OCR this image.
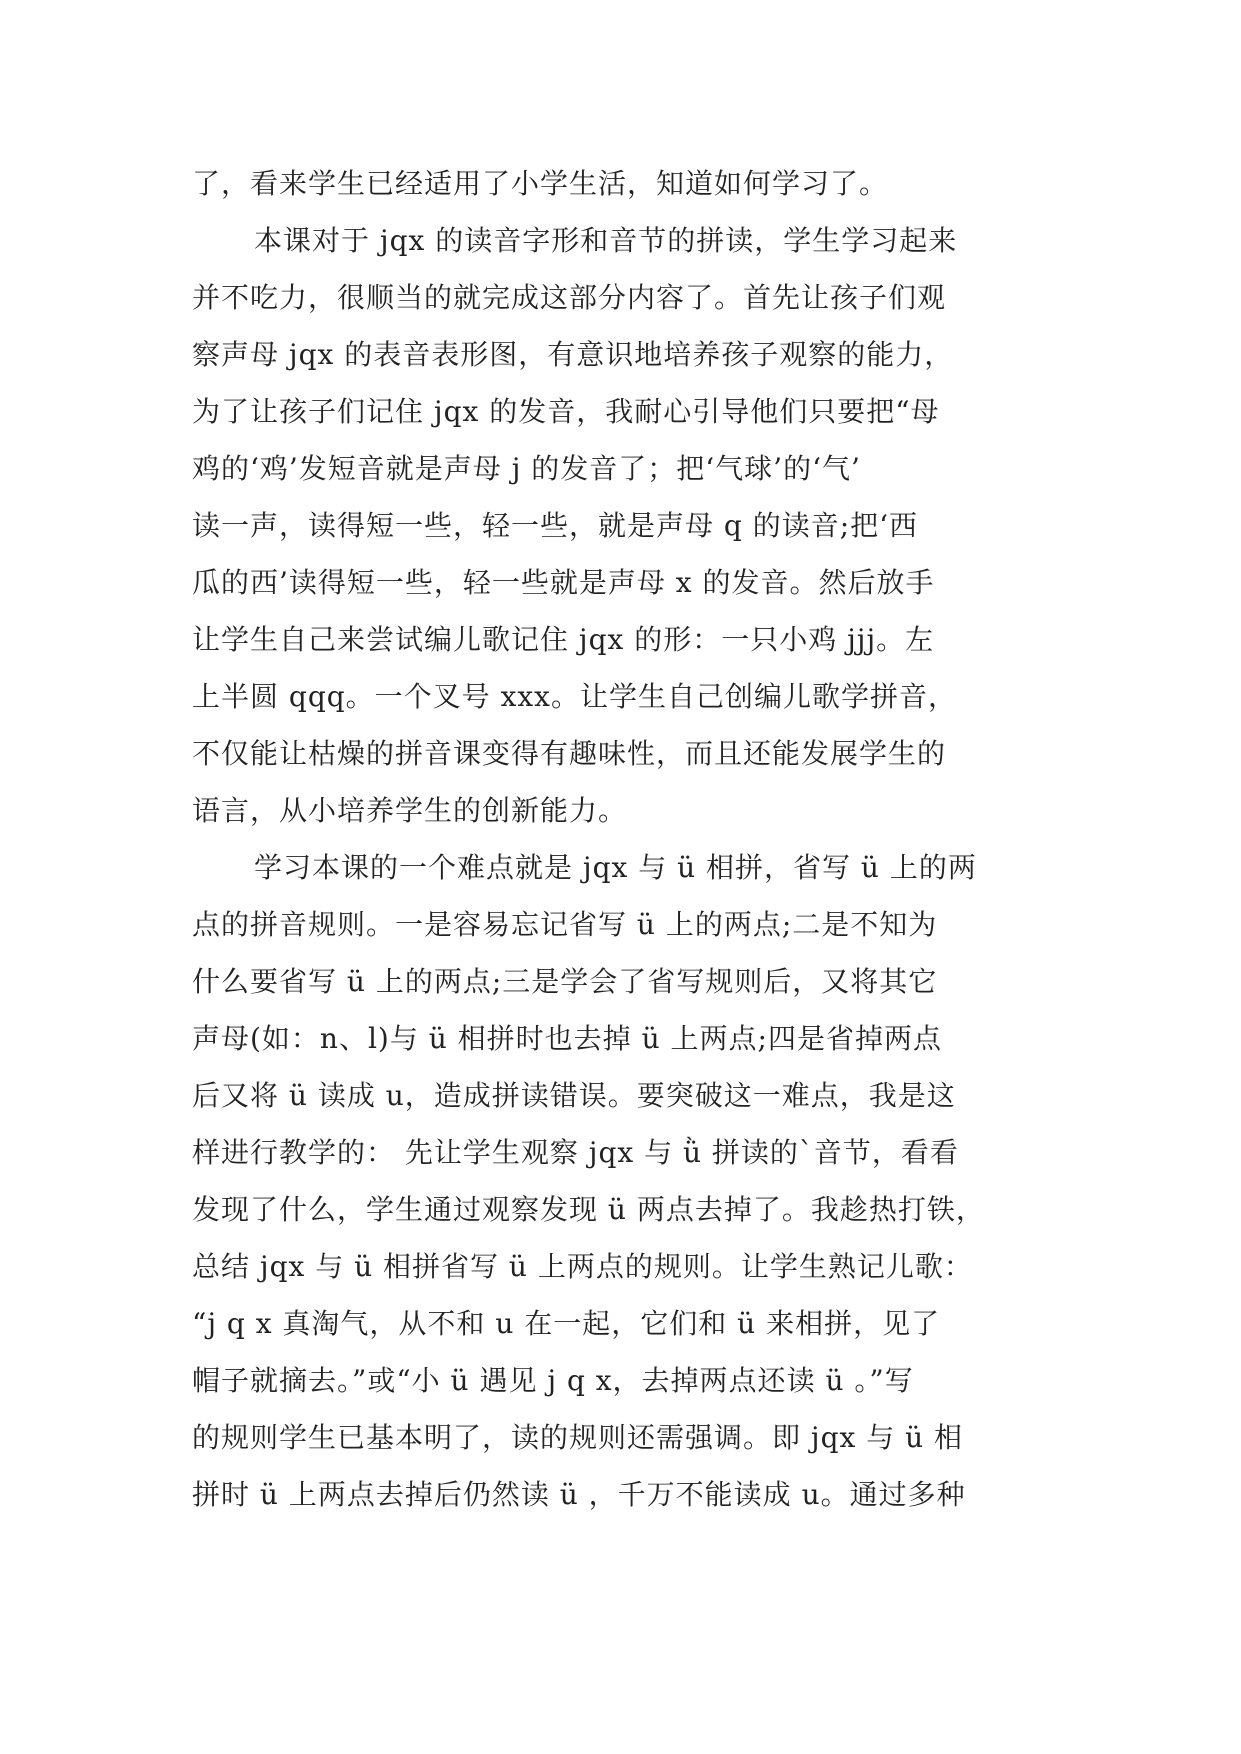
了，看来学生已经适用了小学生活，知道如何学习了。
本课对于 jqx 的读音字形和音节的拼读，学生学习起来
并不吃力，很顺当的就完成这部分内容了。首先让孩子们观
察声母 jqx 的表音表形图，有意识地培养孩子观察的能力，
为了让孩子们记住 jqx 的发音，我耐心引导他们只要把“母
鸡的‘鸡’发短音就是声母 j 的发音了；把‘气球’的‘气’
读一声，读得短一些，轻一些，就是声母 q 的读音;把‘西
瓜的西’读得短一些，轻一些就是声母 x 的发音。然后放手
让学生自己来尝试编儿歌记住 jqx 的形：一只小鸡 jjj。左
上半圆 qqq。一个叉号 xxx。让学生自己创编儿歌学拼音，
不仅能让枯燥的拼音课变得有趣味性，而且还能发展学生的
语言，从小培养学生的创新能力。
学习本课的一个难点就是 jqx 与 ü 相拼，省写 ü 上的两
点的拼音规则。一是容易忘记省写 ü 上的两点;二是不知为
什么要省写 ü 上的两点;三是学会了省写规则后，又将其它
声母(如：n、l)与 ü 相拼时也去掉 ü 上两点;四是省掉两点
后又将 ü 读成 u，造成拼读错误。要突破这一难点，我是这
样进行教学的： 先让学生观察 jqx 与 ǜ 拼读的`音节，看看
发现了什么，学生通过观察发现 ü 两点去掉了。我趁热打铁，
总结 jqx 与 ü 相拼省写 ü 上两点的规则。让学生熟记儿歌：
“j q x 真淘气，从不和 u 在一起，它们和 ü 来相拼，见了
帽子就摘去。”或“小 ü 遇见 j q x，去掉两点还读 ü 。”写
的规则学生已基本明了，读的规则还需强调。即 jqx 与 ü 相
拼时 ü 上两点去掉后仍然读 ü ，千万不能读成 u。通过多种
